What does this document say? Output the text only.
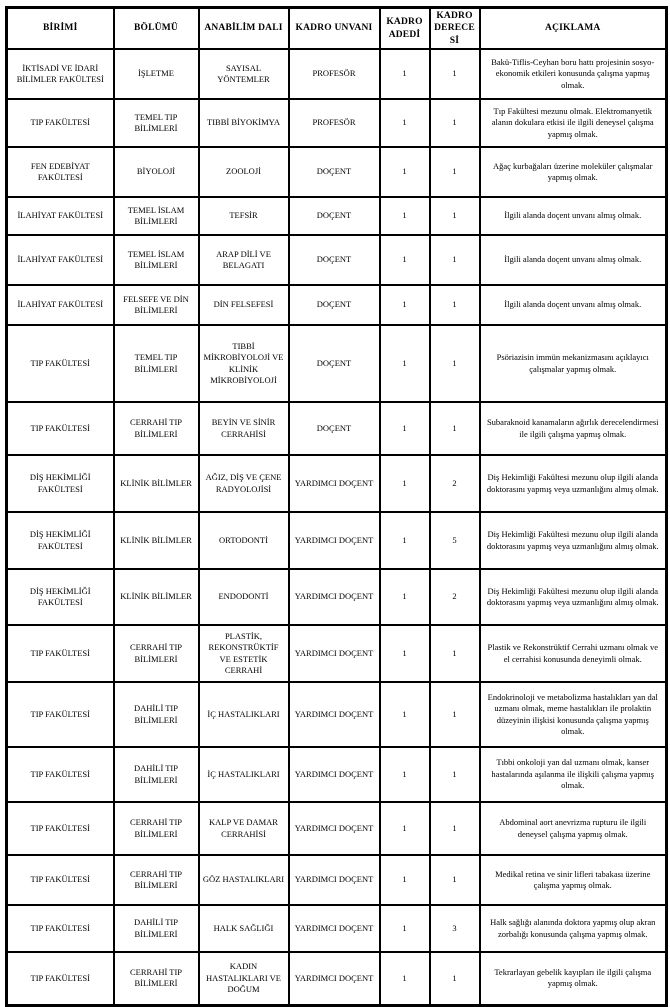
BİRİMİ	BÖLÜMÜ	ANABİLİM DALI	KADRO UNVANI	KADRO ADEDİ	KADRO DERECESİ	AÇIKLAMA
İKTİSADİ VE İDARİ BİLİMLER FAKÜLTESİ	İŞLETME	SAYISAL YÖNTEMLER	PROFESÖR	1	1	Bakü-Tiflis-Ceyhan boru hattı projesinin sosyo-ekonomik etkileri konusunda çalışma yapmış olmak.
TIP FAKÜLTESİ	TEMEL TIP BİLİMLERİ	TIBBİ BİYOKİMYA	PROFESÖR	1	1	Tıp Fakültesi mezunu olmak. Elektromanyetik alanın dokulara etkisi ile ilgili deneysel çalışma yapmış olmak.
FEN EDEBİYAT FAKÜLTESİ	BİYOLOJİ	ZOOLOJİ	DOÇENT	1	1	Ağaç kurbağaları üzerine moleküler çalışmalar yapmış olmak.
İLAHİYAT FAKÜLTESİ	TEMEL İSLAM BİLİMLERİ	TEFSİR	DOÇENT	1	1	İlgili alanda doçent unvanı almış olmak.
İLAHİYAT FAKÜLTESİ	TEMEL İSLAM BİLİMLERİ	ARAP DİLİ VE BELAGATI	DOÇENT	1	1	İlgili alanda doçent unvanı almış olmak.
İLAHİYAT FAKÜLTESİ	FELSEFE VE DİN BİLİMLERİ	DİN FELSEFESİ	DOÇENT	1	1	İlgili alanda doçent unvanı almış olmak.
TIP FAKÜLTESİ	TEMEL TIP BİLİMLERİ	TIBBİ MİKROBİYOLOJİ VE KLİNİK MİKROBİYOLOJİ	DOÇENT	1	1	Psöriazisin immün mekanizmasını açıklayıcı çalışmalar yapmış olmak.
TIP FAKÜLTESİ	CERRAHİ TIP BİLİMLERİ	BEYİN VE SİNİR CERRAHİSİ	DOÇENT	1	1	Subaraknoid kanamaların ağırlık derecelendirmesi ile ilgili çalışma yapmış olmak.
DİŞ HEKİMLİĞİ FAKÜLTESİ	KLİNİK BİLİMLER	AĞIZ, DİŞ VE ÇENE RADYOLOJİSİ	YARDIMCI DOÇENT	1	2	Diş Hekimliği Fakültesi mezunu olup ilgili alanda doktorasını yapmış veya uzmanlığını almış olmak.
DİŞ HEKİMLİĞİ FAKÜLTESİ	KLİNİK BİLİMLER	ORTODONTİ	YARDIMCI DOÇENT	1	5	Diş Hekimliği Fakültesi mezunu olup ilgili alanda doktorasını yapmış veya uzmanlığını almış olmak.
DİŞ HEKİMLİĞİ FAKÜLTESİ	KLİNİK BİLİMLER	ENDODONTİ	YARDIMCI DOÇENT	1	2	Diş Hekimliği Fakültesi mezunu olup ilgili alanda doktorasını yapmış veya uzmanlığını almış olmak.
TIP FAKÜLTESİ	CERRAHİ TIP BİLİMLERİ	PLASTİK, REKONSTRÜKTİF VE ESTETİK CERRAHİ	YARDIMCI DOÇENT	1	1	Plastik ve Rekonstrüktif Cerrahi uzmanı olmak ve el cerrahisi konusunda deneyimli olmak.
TIP FAKÜLTESİ	DAHİLİ TIP BİLİMLERİ	İÇ HASTALIKLARI	YARDIMCI DOÇENT	1	1	Endokrinoloji ve metabolizma hastalıkları yan dal uzmanı olmak, meme hastalıkları ile prolaktin düzeyinin ilişkisi konusunda çalışma yapmış olmak.
TIP FAKÜLTESİ	DAHİLİ TIP BİLİMLERİ	İÇ HASTALIKLARI	YARDIMCI DOÇENT	1	1	Tıbbi onkoloji yan dal uzmanı olmak, kanser hastalarında aşılanma ile ilişkili çalışma yapmış olmak.
TIP FAKÜLTESİ	CERRAHİ TIP BİLİMLERİ	KALP VE DAMAR CERRAHİSİ	YARDIMCI DOÇENT	1	1	Abdominal aort anevrizma rupturu ile ilgili deneysel çalışma yapmış olmak.
TIP FAKÜLTESİ	CERRAHİ TIP BİLİMLERİ	GÖZ HASTALIKLARI	YARDIMCI DOÇENT	1	1	Medikal retina ve sinir lifleri tabakası üzerine çalışma yapmış olmak.
TIP FAKÜLTESİ	DAHİLİ TIP BİLİMLERİ	HALK SAĞLIĞI	YARDIMCI DOÇENT	1	3	Halk sağlığı alanında doktora yapmış olup akran zorbalığı konusunda çalışma yapmış olmak.
TIP FAKÜLTESİ	CERRAHİ TIP BİLİMLERİ	KADIN HASTALIKLARI VE DOĞUM	YARDIMCI DOÇENT	1	1	Tekrarlayan gebelik kayıpları ile ilgili çalışma yapmış olmak.
